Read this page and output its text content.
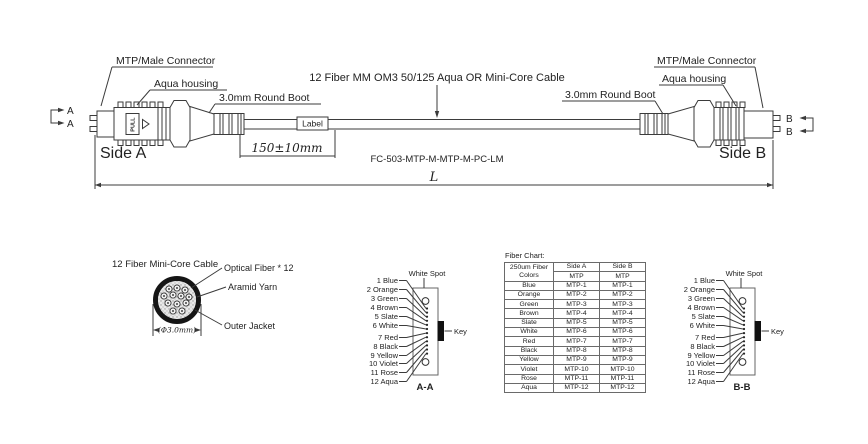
A
A	PULL	Label	B
B
MTP/Male Connector
Aqua housing
3.0mm Round Boot	3.0mm Round Boot
Aqua housing
MTP/Male Connector
12 Fiber MM OM3 50/125 Aqua OR Mini-Core Cable
150±10mm
Side A	Side B
FC-503-MTP-M-MTP-M-PC-LM
L
12 Fiber Mini-Core Cable
(Φ3.0mm)
Optical Fiber * 12
Aramid Yarn
Outer Jacket
White Spot
Key
A-A
1 Blue
2 Orange
3 Green
4 Brown
5 Slate
6 White
7 Red
8 Black
9 Yellow
10 Violet
11 Rose
12 Aqua
White Spot
Key
B-B
1 Blue
2 Orange
3 Green
4 Brown
5 Slate
6 White
7 Red
8 Black
9 Yellow
10 Violet
11 Rose
12 Aqua
Fiber Chart:
250um Fiber
Colors	Side A	Side B
	MTP	MTP
Blue	MTP-1	MTP-1
Orange	MTP-2	MTP-2
Green	MTP-3	MTP-3
Brown	MTP-4	MTP-4
Slate	MTP-5	MTP-5
White	MTP-6	MTP-6
Red	MTP-7	MTP-7
Black	MTP-8	MTP-8
Yellow	MTP-9	MTP-9
Violet	MTP-10	MTP-10
Rose	MTP-11	MTP-11
Aqua	MTP-12	MTP-12
